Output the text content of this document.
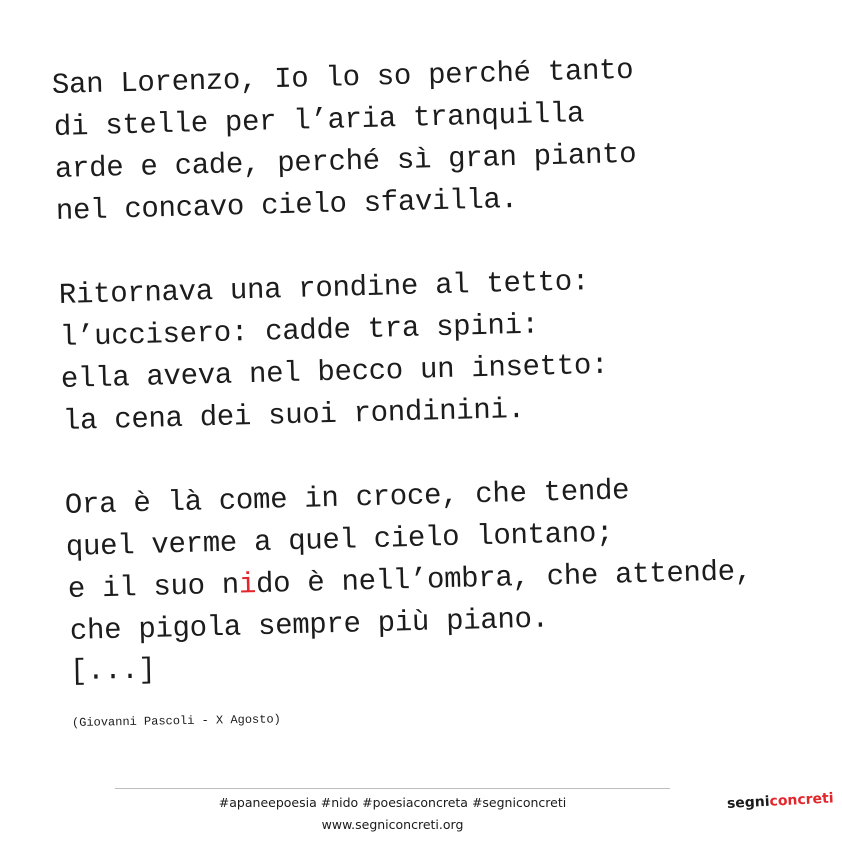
San Lorenzo, Io lo so perché tanto
di stelle per l’aria tranquilla
arde e cade, perché sì gran pianto
nel concavo cielo sfavilla.
Ritornava una rondine al tetto:
l’uccisero: cadde tra spini:
ella aveva nel becco un insetto:
la cena dei suoi rondinini.
Ora è là come in croce, che tende
quel verme a quel cielo lontano;
e il suo nido è nell’ombra, che attende,
che pigola sempre più piano.
[...]
(Giovanni Pascoli - X Agosto)
#apaneepoesia #nido #poesiaconcreta #segniconcreti
www.segniconcreti.org
segniconcreti
